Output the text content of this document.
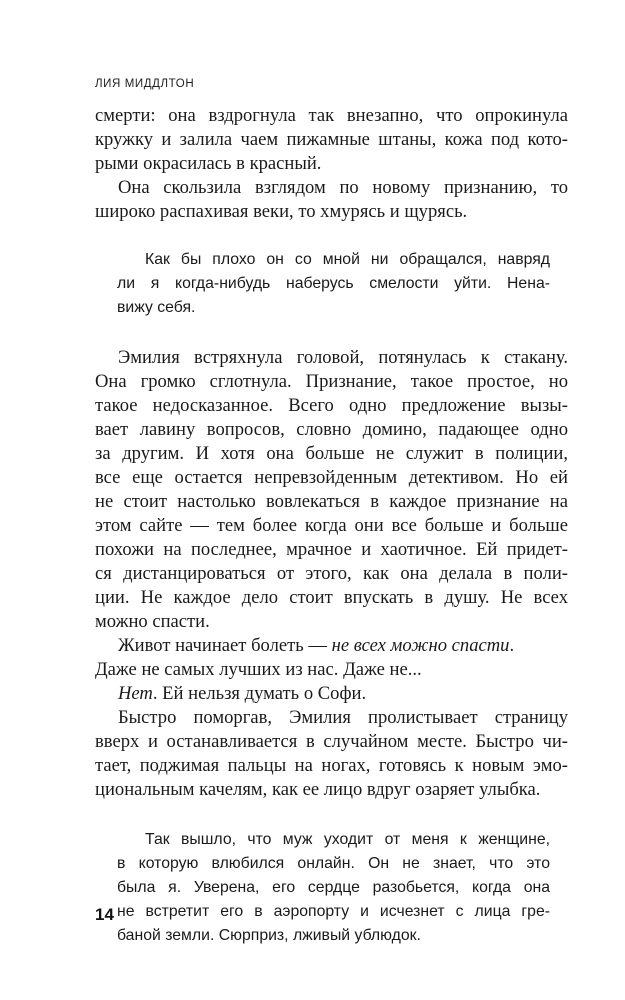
ЛИЯ МИДДЛТОН
смерти: она вздрогнула так внезапно, что опрокинула
кружку и залила чаем пижамные штаны, кожа под кото-
рыми окрасилась в красный.
Она скользила взглядом по новому признанию, то
широко распахивая веки, то хмурясь и щурясь.
Как бы плохо он со мной ни обращался, навряд
ли я когда-нибудь наберусь смелости уйти. Нена-
вижу себя.
Эмилия встряхнула головой, потянулась к стакану.
Она громко сглотнула. Признание, такое простое, но
такое недосказанное. Всего одно предложение вызы-
вает лавину вопросов, словно домино, падающее одно
за другим. И хотя она больше не служит в полиции,
все еще остается непревзойденным детективом. Но ей
не стоит настолько вовлекаться в каждое признание на
этом сайте — тем более когда они все больше и больше
похожи на последнее, мрачное и хаотичное. Ей придет-
ся дистанцироваться от этого, как она делала в поли-
ции. Не каждое дело стоит впускать в душу. Не всех
можно спасти.
Живот начинает болеть — не всех можно спасти.
Даже не самых лучших из нас. Даже не...
Нет. Ей нельзя думать о Софи.
Быстро поморгав, Эмилия пролистывает страницу
вверх и останавливается в случайном месте. Быстро чи-
тает, поджимая пальцы на ногах, готовясь к новым эмо-
циональным качелям, как ее лицо вдруг озаряет улыбка.
Так вышло, что муж уходит от меня к женщине,
в которую влюбился онлайн. Он не знает, что это
была я. Уверена, его сердце разобьется, когда она
не встретит его в аэропорту и исчезнет с лица гре-
баной земли. Сюрприз, лживый ублюдок.
14
